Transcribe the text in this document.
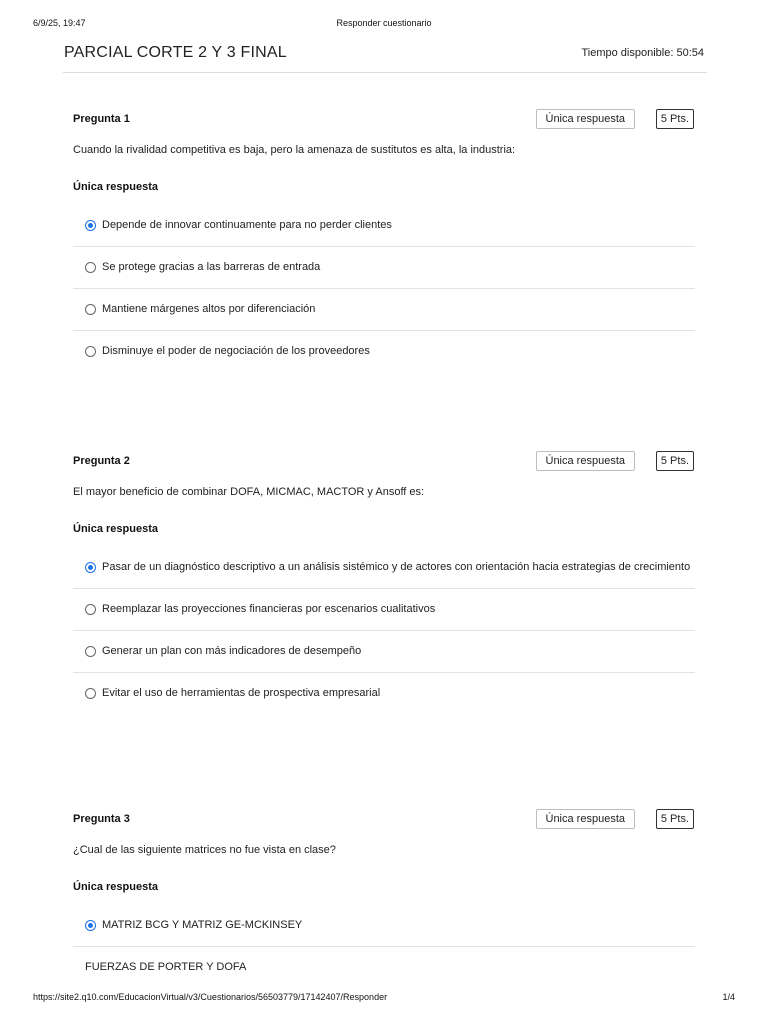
6/9/25, 19:47	Responder cuestionario
PARCIAL CORTE 2 Y 3 FINAL	Tiempo disponible: 50:54
Pregunta 1	Única respuesta	5 Pts.
Cuando la rivalidad competitiva es baja, pero la amenaza de sustitutos es alta, la industria:
Única respuesta
Depende de innovar continuamente para no perder clientes
Se protege gracias a las barreras de entrada
Mantiene márgenes altos por diferenciación
Disminuye el poder de negociación de los proveedores
Pregunta 2	Única respuesta	5 Pts.
El mayor beneficio de combinar DOFA, MICMAC, MACTOR y Ansoff es:
Única respuesta
Pasar de un diagnóstico descriptivo a un análisis sistémico y de actores con orientación hacia estrategias de crecimiento
Reemplazar las proyecciones financieras por escenarios cualitativos
Generar un plan con más indicadores de desempeño
Evitar el uso de herramientas de prospectiva empresarial
Pregunta 3	Única respuesta	5 Pts.
¿Cual de las siguiente matrices no fue vista en clase?
Única respuesta
MATRIZ BCG Y MATRIZ GE-MCKINSEY
FUERZAS DE PORTER Y DOFA
https://site2.q10.com/EducacionVirtual/v3/Cuestionarios/56503779/17142407/Responder	1/4
